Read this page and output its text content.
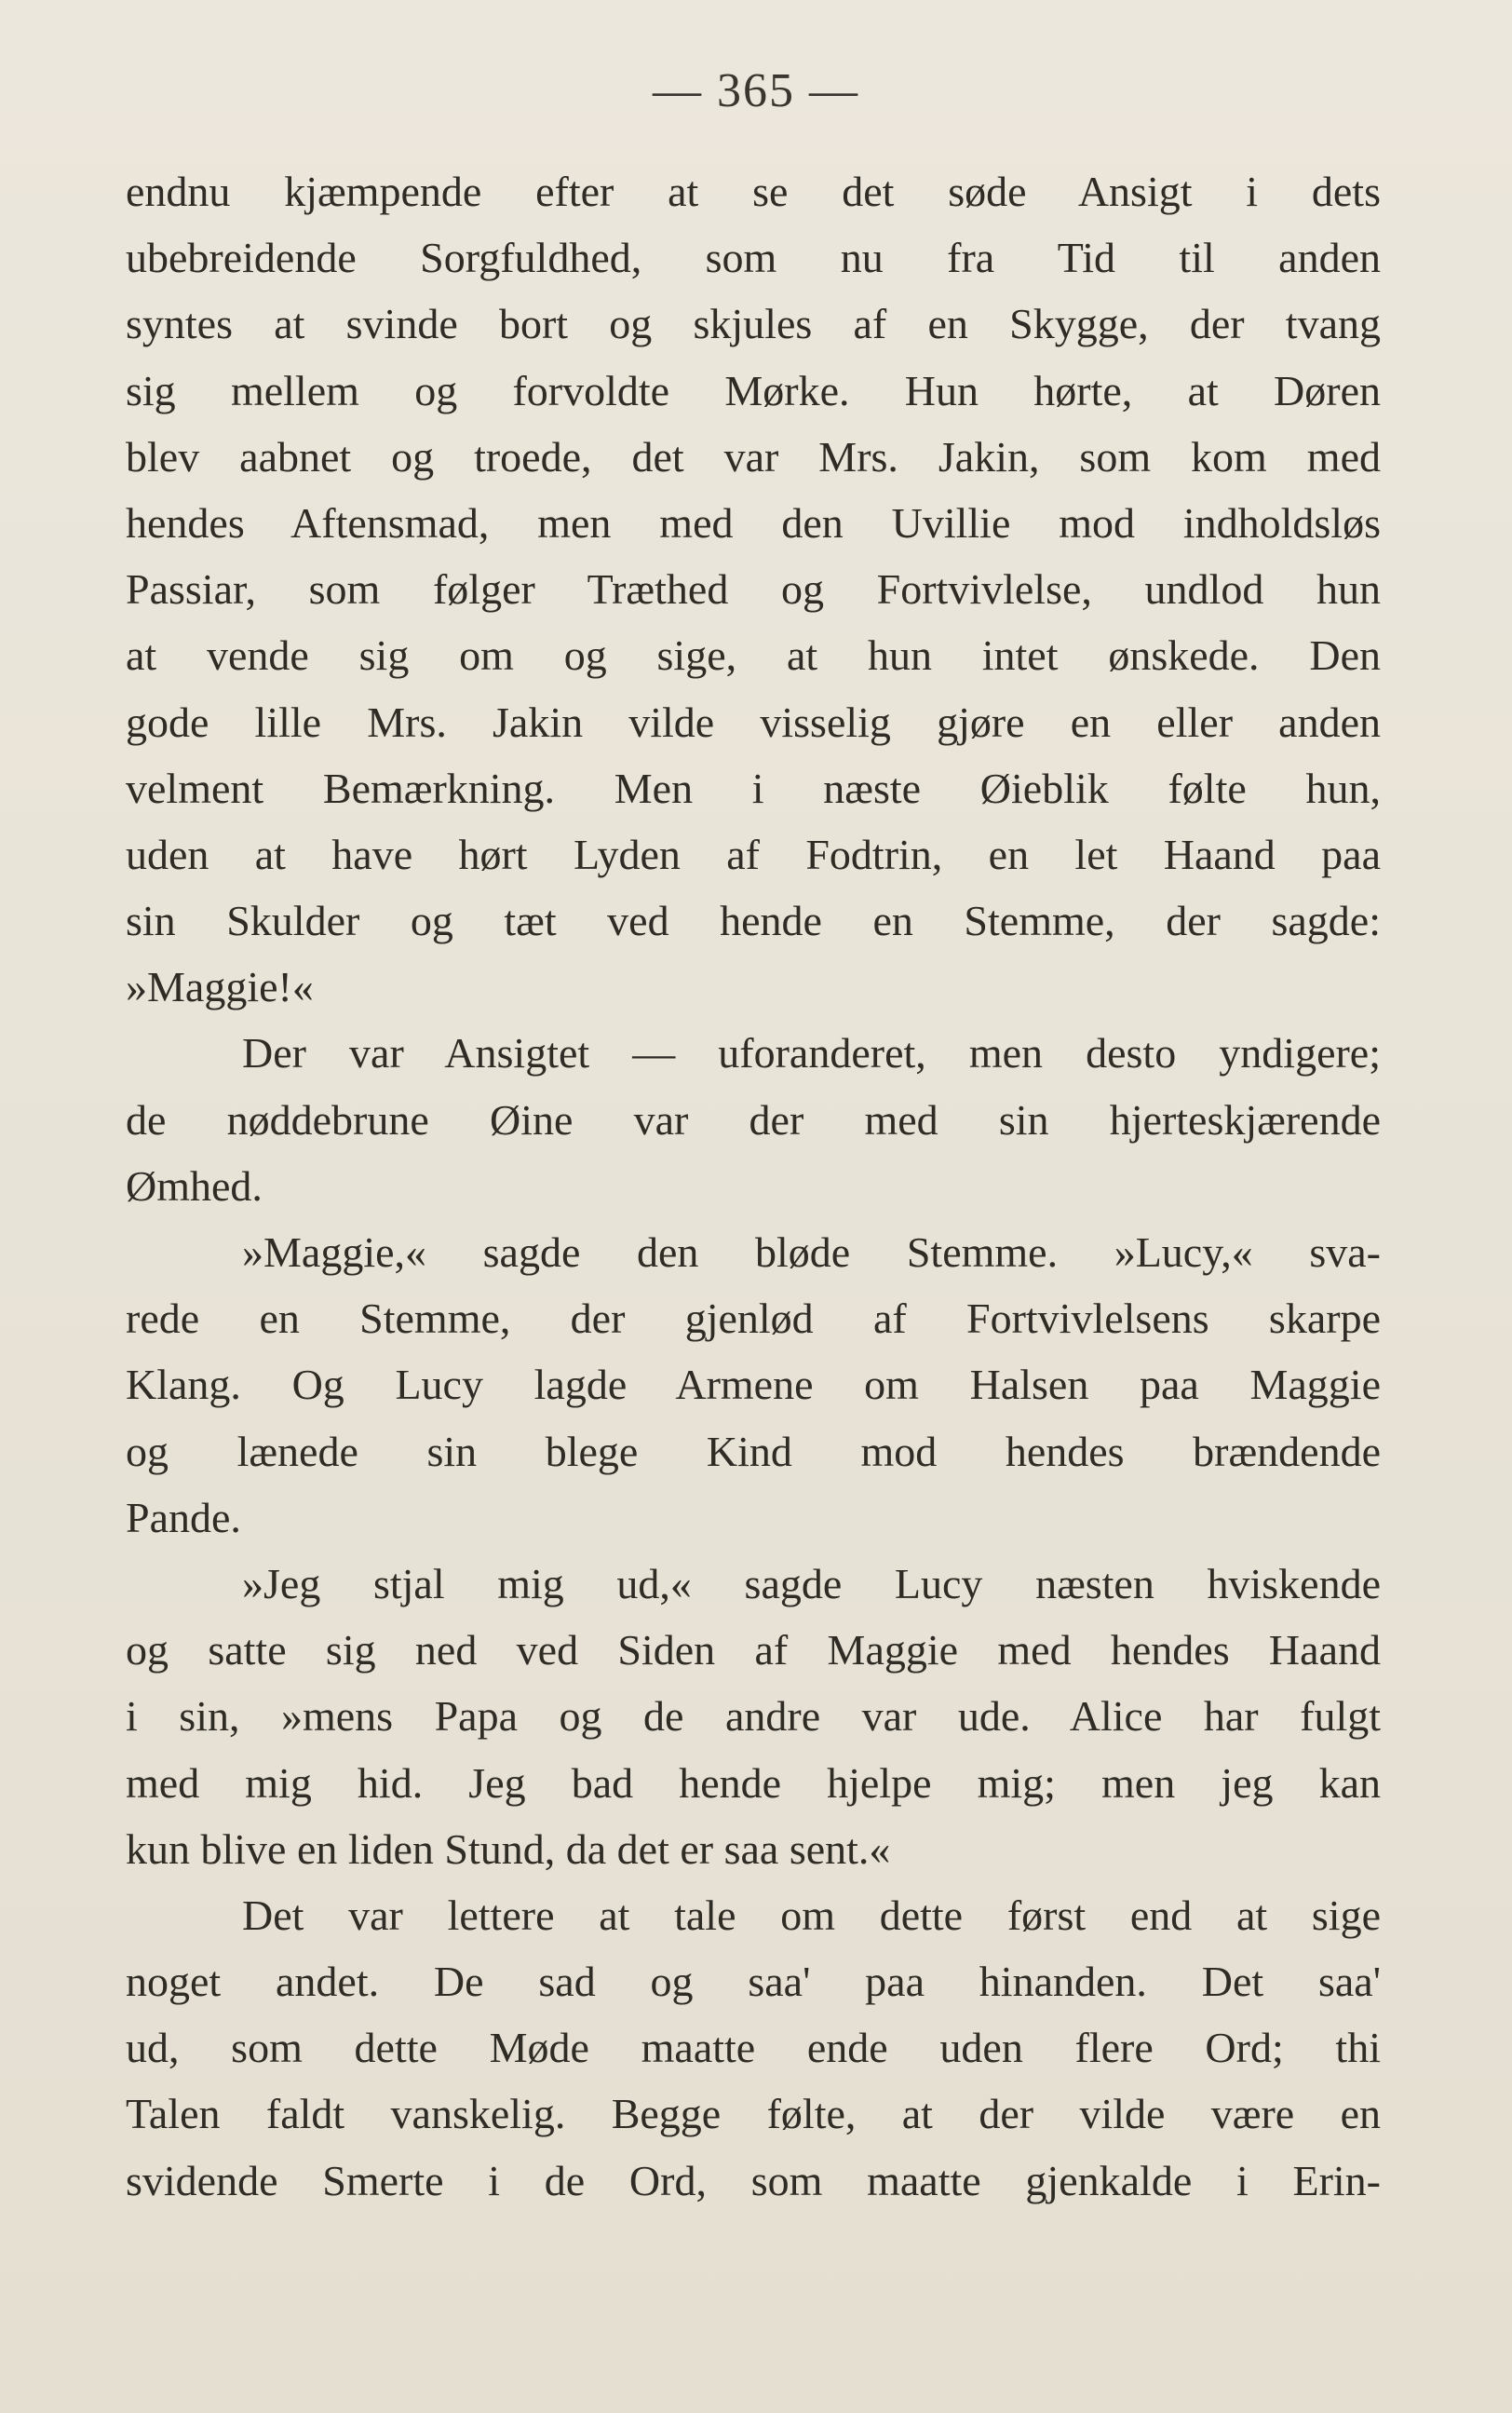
— 365 —
endnu kjæmpende efter at se det søde Ansigt i dets
ubebreidende Sorgfuldhed, som nu fra Tid til anden
syntes at svinde bort og skjules af en Skygge, der tvang
sig mellem og forvoldte Mørke. Hun hørte, at Døren
blev aabnet og troede, det var Mrs. Jakin, som kom med
hendes Aftensmad, men med den Uvillie mod indholdsløs
Passiar, som følger Træthed og Fortvivlelse, undlod hun
at vende sig om og sige, at hun intet ønskede. Den
gode lille Mrs. Jakin vilde visselig gjøre en eller anden
velment Bemærkning. Men i næste Øieblik følte hun,
uden at have hørt Lyden af Fodtrin, en let Haand paa
sin Skulder og tæt ved hende en Stemme, der sagde:
»Maggie!«
Der var Ansigtet — uforanderet, men desto yndigere;
de nøddebrune Øine var der med sin hjerteskjærende
Ømhed.
»Maggie,« sagde den bløde Stemme. »Lucy,« sva-
rede en Stemme, der gjenlød af Fortvivlelsens skarpe
Klang. Og Lucy lagde Armene om Halsen paa Maggie
og lænede sin blege Kind mod hendes brændende
Pande.
»Jeg stjal mig ud,« sagde Lucy næsten hviskende
og satte sig ned ved Siden af Maggie med hendes Haand
i sin, »mens Papa og de andre var ude. Alice har fulgt
med mig hid. Jeg bad hende hjelpe mig; men jeg kan
kun blive en liden Stund, da det er saa sent.«
Det var lettere at tale om dette først end at sige
noget andet. De sad og saa' paa hinanden. Det saa'
ud, som dette Møde maatte ende uden flere Ord; thi
Talen faldt vanskelig. Begge følte, at der vilde være en
svidende Smerte i de Ord, som maatte gjenkalde i Erin-
